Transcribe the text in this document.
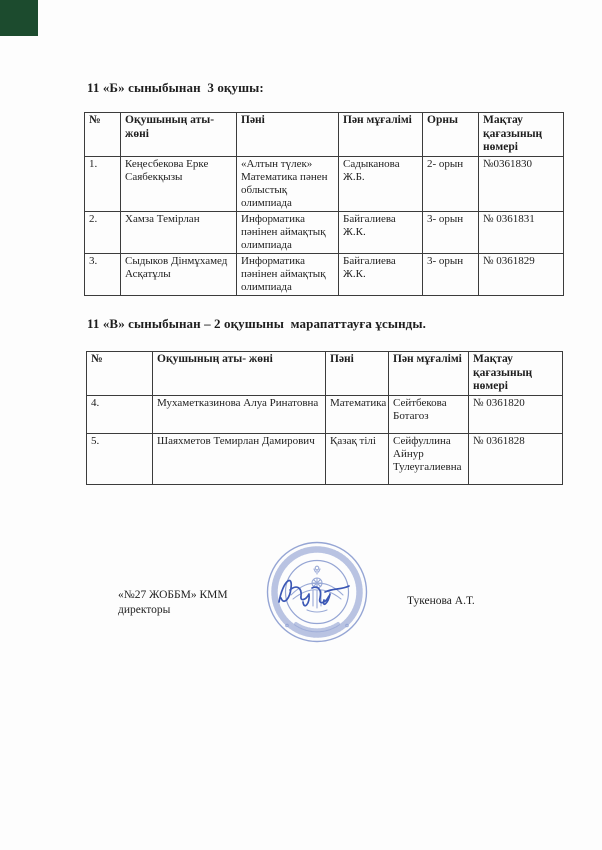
11 «Б» сыныбынан  3 оқушы:
№	Оқушының аты-жөні	Пәні	Пән мұғалімі	Орны	Мақтау қағазының нөмері
1.	Кеңесбекова Ерке Саябекқызы	«Алтын түлек» Математика пәнен облыстық олимпиада	Садыканова Ж.Б.	2- орын	№0361830
2.	Хамза Темірлан	Информатика пәнінен аймақтық олимпиада	Байгалиева Ж.К.	3- орын	№ 0361831
3.	Сыдыков Дінмұхамед Асқатұлы	Информатика пәнінен аймақтық олимпиада	Байгалиева Ж.К.	3- орын	№ 0361829
11 «В» сыныбынан – 2 оқушыны  марапаттауға ұсынды.
№	Оқушының аты- жөні	Пәні	Пән мұғалімі	Мақтау қағазының нөмері
4.	Мухаметказинова Алуа Ринатовна	Математика	Сейтбекова Ботагоз	№ 0361820
5.	Шаяхметов Темирлан Дамирович	Қазақ тілі	Сейфуллина Айнур Тулеугалиевна	№ 0361828
«№27 ЖОББМ» КММ
директоры
Тукенова А.Т.
